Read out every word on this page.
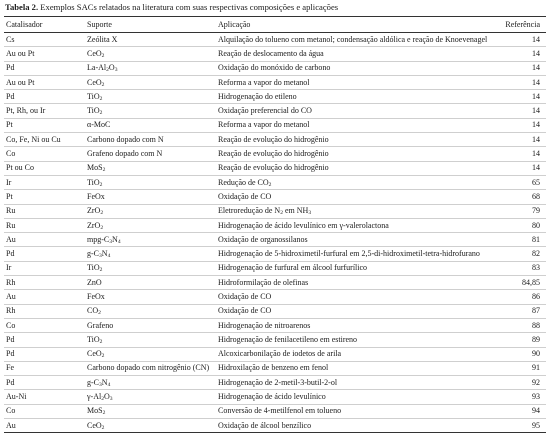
Tabela 2. Exemplos SACs relatados na literatura com suas respectivas composições e aplicações
Catalisador	Suporte	Aplicação	Referência
Cs	Zeólita X	Alquilação do tolueno com metanol; condensação aldólica e reação de Knoevenagel	14
Au ou Pt	CeO$_2$	Reação de deslocamento da água	14
Pd	$La-Al_2O_3$	Oxidação do monóxido de carbono	14
Au ou Pt	CeO$_2$	Reforma a vapor do metanol	14
Pd	TiO$_2$	Hidrogenação do etileno	14
Pt, Rh, ou Ir	TiO$_2$	Oxidação preferencial do CO	14
Pt	α-MoC	Reforma a vapor do metanol	14
Co, Fe, Ni ou Cu	Carbono dopado com N	Reação de evolução do hidrogênio	14
Co	Grafeno dopado com N	Reação de evolução do hidrogênio	14
Pt ou Co	MoS$_2$	Reação de evolução do hidrogênio	14
Ir	TiO$_2$	Redução de $CO_2$	65
Pt	FeOx	Oxidação de CO	68
Ru	ZrO$_2$	Eletroredução de $N_2$ em $NH_3$	79
Ru	ZrO$_2$	Hidrogenação de ácido levulínico em γ-valerolactona	80
Au	mpg-$C_3N_4$	Oxidação de organossilanos	81
Pd	$g-C_3N_4$	Hidrogenação de 5-hidroximetil-furfural em 2,5-di-hidroximetil-tetra-hidrofurano	82
Ir	TiO$_2$	Hidrogenação de furfural em álcool furfurílico	83
Rh	ZnO	Hidroformilação de olefinas	84,85
Au	FeOx	Oxidação de CO	86
Rh	$CO_2$	Oxidação de CO	87
Co	Grafeno	Hidrogenação de nitroarenos	88
Pd	TiO$_2$	Hidrogenação de fenilacetileno em estireno	89
Pd	CeO$_2$	Alcoxicarbonilação de iodetos de arila	90
Fe	Carbono dopado com nitrogênio (CN)	Hidroxilação de benzeno em fenol	91
Pd	$g-C_3N_4$	Hidrogenação de 2-metil-3-butil-2-ol	92
Au-Ni	$\gamma-Al_2O_3$	Hidrogenação de ácido levulínico	93
Co	MoS$_2$	Conversão de 4-metilfenol em tolueno	94
Au	CeO$_2$	Oxidação de álcool benzílico	95
